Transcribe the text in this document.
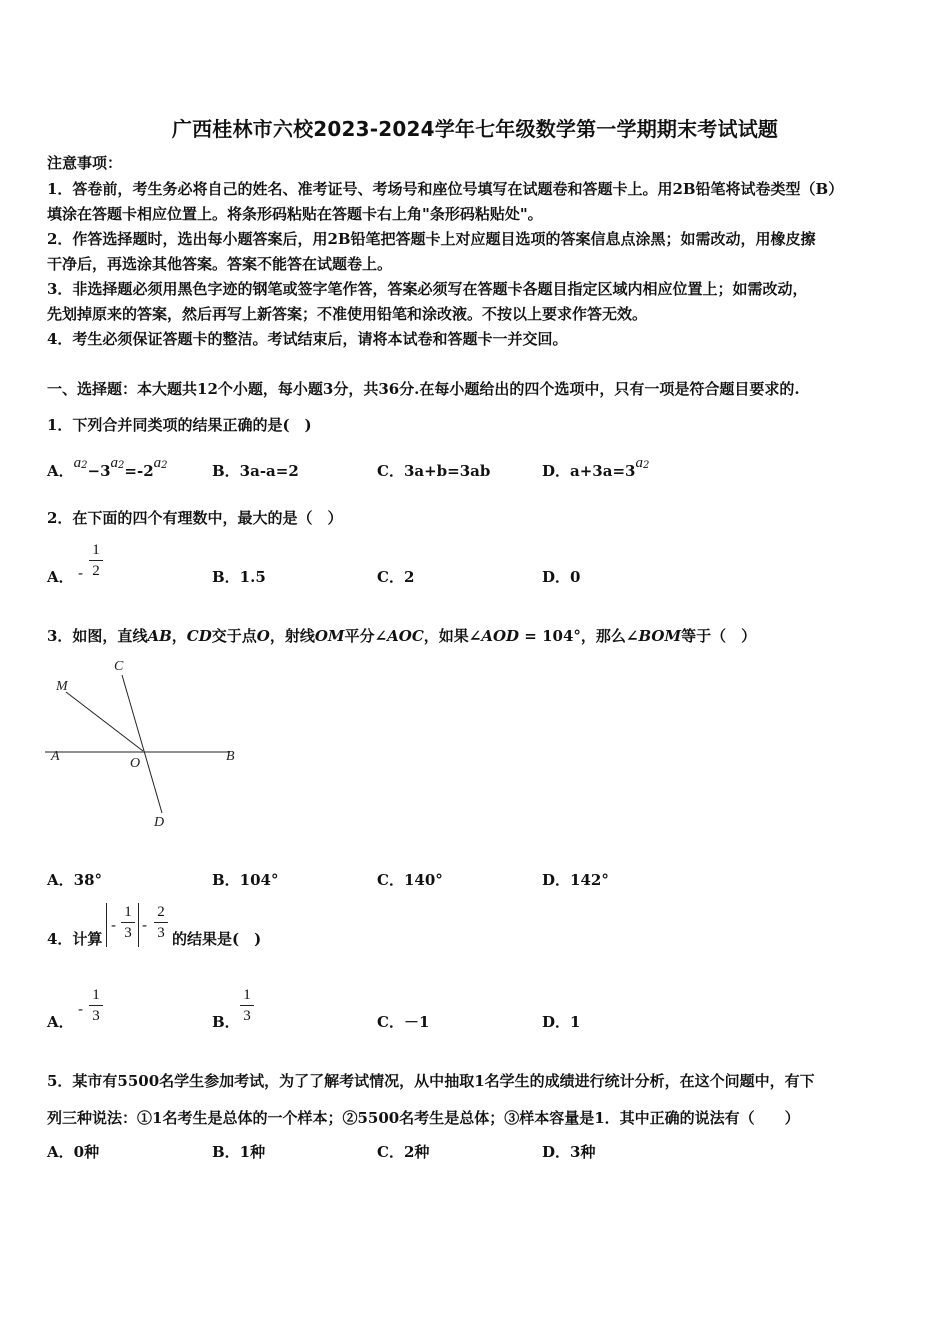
广西桂林市六校2023-2024学年七年级数学第一学期期末考试试题
注意事项：
1．答卷前，考生务必将自己的姓名、准考证号、考场号和座位号填写在试题卷和答题卡上。用2B铅笔将试卷类型（B）
填涂在答题卡相应位置上。将条形码粘贴在答题卡右上角"条形码粘贴处"。
2．作答选择题时，选出每小题答案后，用2B铅笔把答题卡上对应题目选项的答案信息点涂黑；如需改动，用橡皮擦
干净后，再选涂其他答案。答案不能答在试题卷上。
3．非选择题必须用黑色字迹的钢笔或签字笔作答，答案必须写在答题卡各题目指定区域内相应位置上；如需改动，
先划掉原来的答案，然后再写上新答案；不准使用铅笔和涂改液。不按以上要求作答无效。
4．考生必须保证答题卡的整洁。考试结束后，请将本试卷和答题卡一并交回。
一、选择题：本大题共12个小题，每小题3分，共36分.在每小题给出的四个选项中，只有一项是符合题目要求的.
1．下列合并同类项的结果正确的是(　)
A．$a^2-3a^2=-2a^2$	B．3a-a=2	C．3a+b=3ab	D．$a+3a=3a^2$
2．在下面的四个有理数中，最大的是（　）
A． -
1
2	B．1.5	C．2	D．0
3．如图，直线AB，CD交于点O，射线OM平分∠AOC，如果∠AOD = 104°，那么∠BOM等于（　）
M
C
A	O	B
D
A．38°	B．104°	C．140°	D．142°
4．计算
-
1
3 -
2
3 的结果是(　)
A．
-
1
3	B．
1
3	C．－1	D．1
5．某市有5500名学生参加考试，为了了解考试情况，从中抽取1名学生的成绩进行统计分析，在这个问题中，有下
列三种说法：①1名考生是总体的一个样本；②5500名考生是总体；③样本容量是1．其中正确的说法有（　　）
A．0种	B．1种	C．2种	D．3种
